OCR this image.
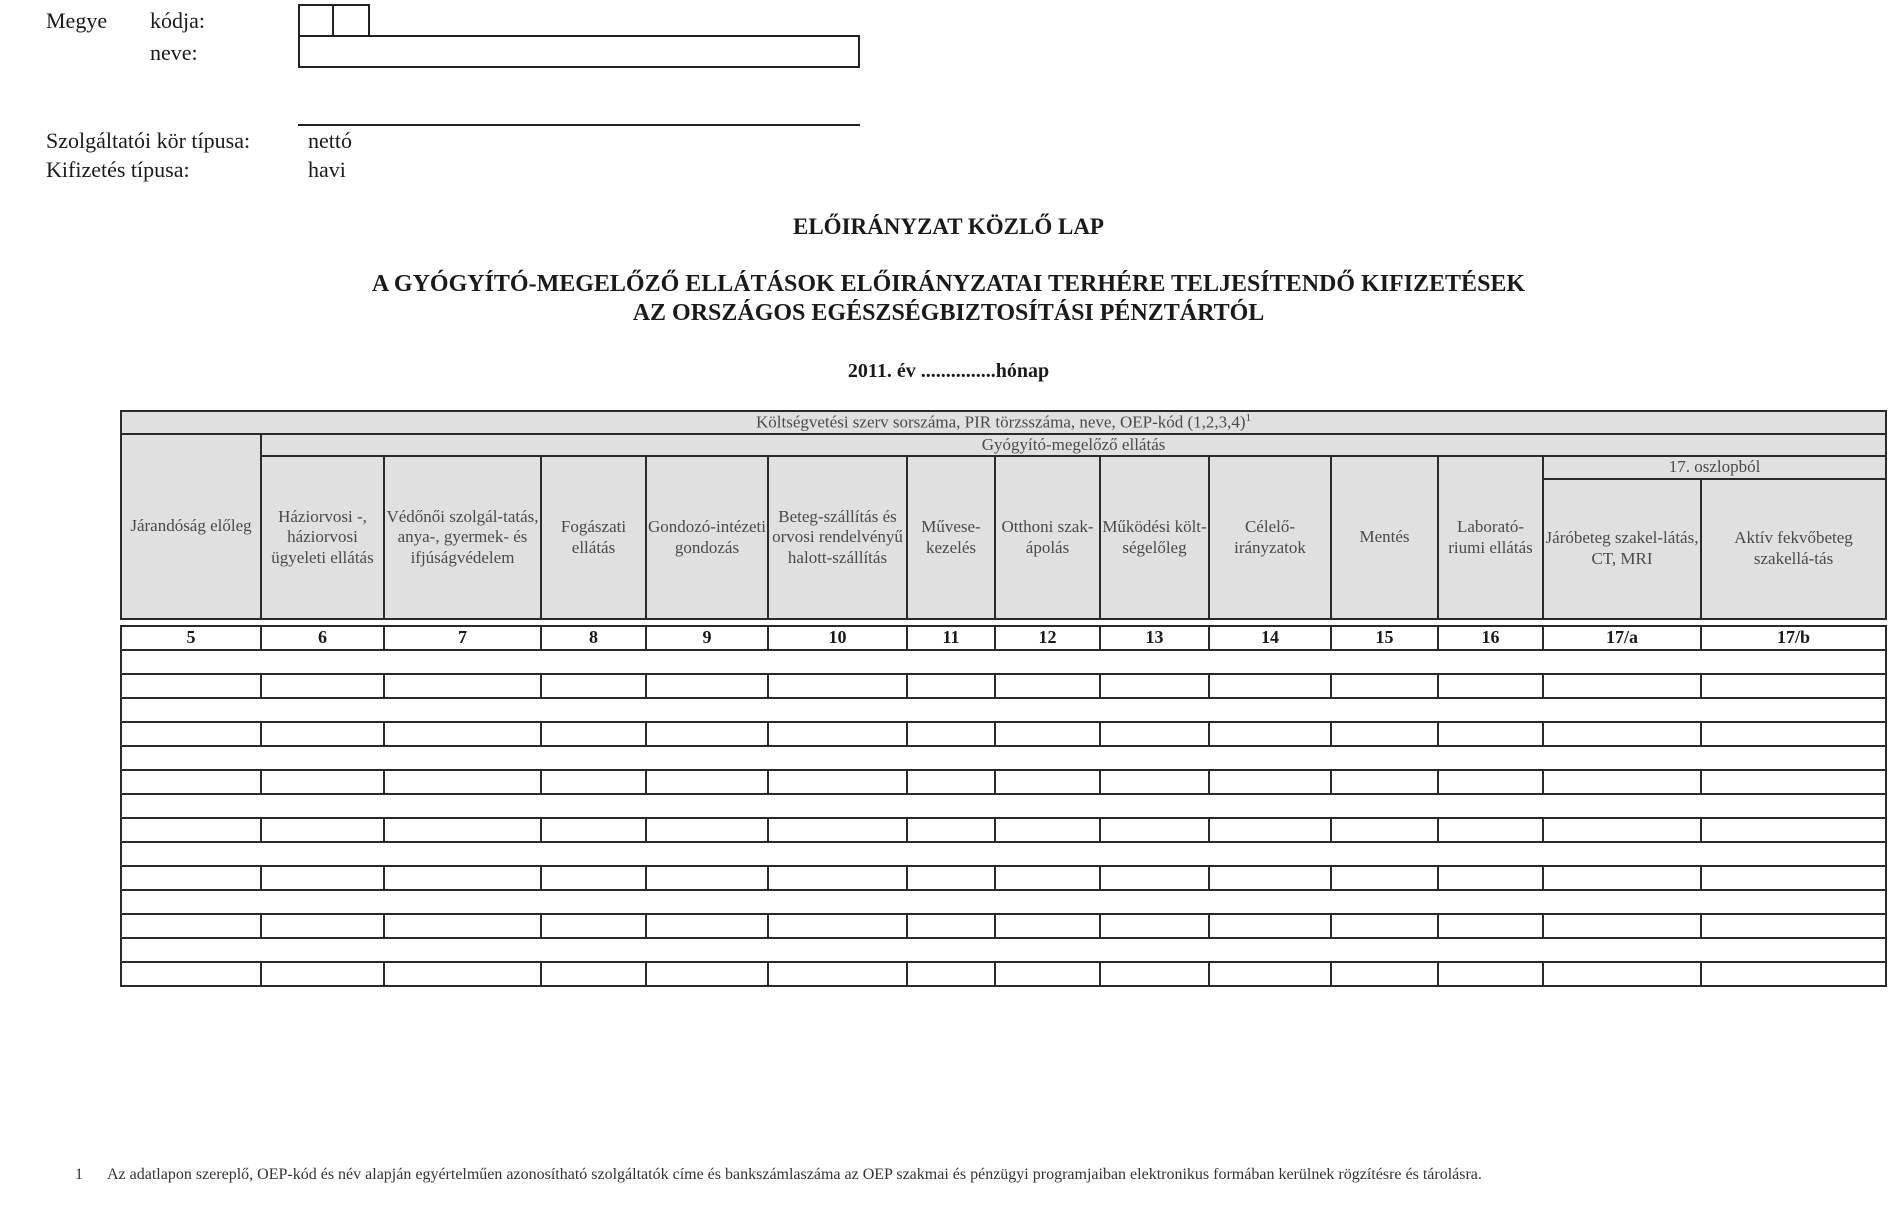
Megye kódja:
neve:
Szolgáltatói kör típusa:	nettó
Kifizetés típusa:	havi
ELŐIRÁNYZAT KÖZLŐ LAP
A GYÓGYÍTÓ-MEGELŐZŐ ELLÁTÁSOK ELŐIRÁNYZATAI TERHÉRE TELJESÍTENDŐ KIFIZETÉSEK
AZ ORSZÁGOS EGÉSZSÉGBIZTOSÍTÁSI PÉNZTÁRTÓL
2011. év ...............hónap
Költségvetési szerv sorszáma, PIR törzsszáma, neve, OEP-kód $(1,2,3,4)^1$
Járandóság előleg	Gyógyító-megelőző ellátás												
	Háziorvosi -, háziorvosi ügyeleti ellátás	Védőnői szolgál-tatás, anya-, gyermek- és ifjúságvédelem	Fogászati ellátás	Gondozó-intézeti gondozás	Beteg-szállítás és orvosi rendelvényű halott-szállítás	Művese-kezelés	Otthoni szak-ápolás	Működési költ-ségelőleg	Célelő-irányzatok	Mentés	Laborató-riumi ellátás	17. oszlopból	
												Járóbeteg szakel-látás, CT, MRI	Aktív fekvőbeteg szakellá-tás

5	6	7	8	9	10	11	12	13	14	15	16	17/a	17/b

1 Az adatlapon szereplő, OEP-kód és név alapján egyértelműen azonosítható szolgáltatók címe és bankszámlaszáma az OEP szakmai és pénzügyi programjaiban elektronikus formában kerülnek rögzítésre és tárolásra.
